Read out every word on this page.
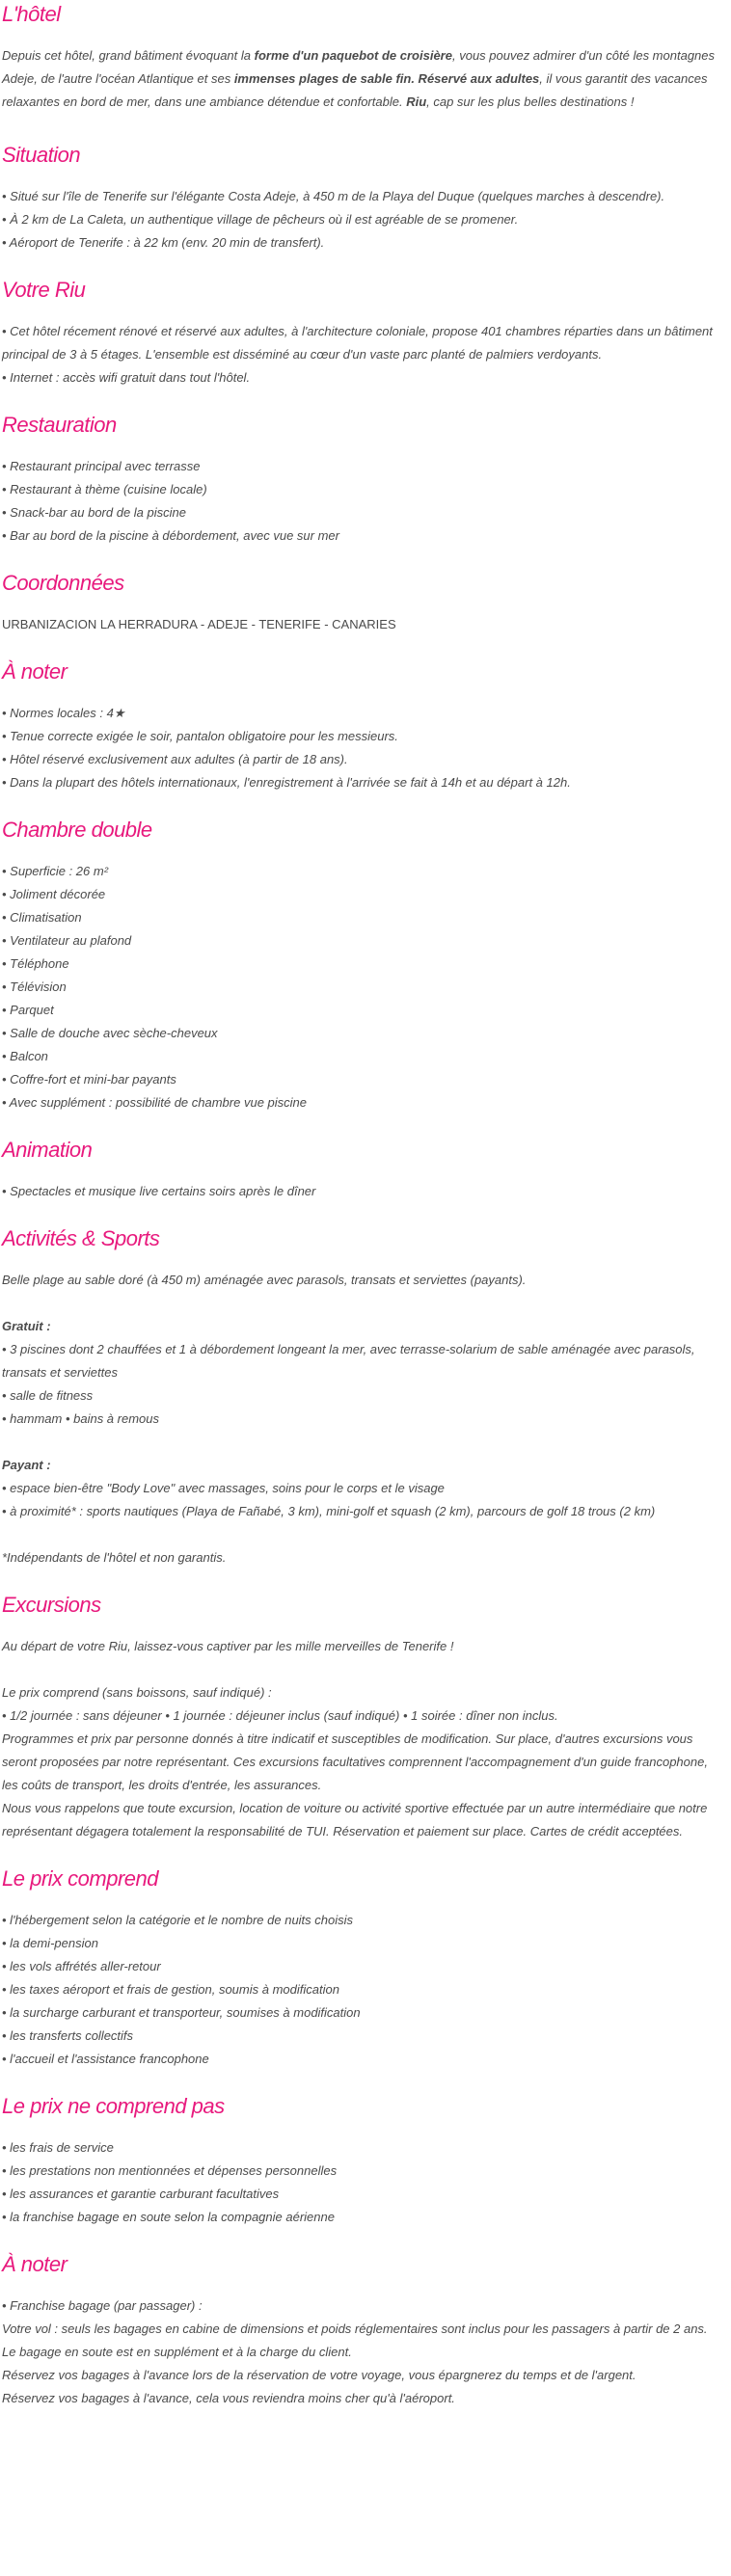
L'hôtel

Depuis cet hôtel, grand bâtiment évoquant la forme d'un paquebot de croisière, vous pouvez admirer d'un côté les montagnes Adeje, de l'autre l'océan Atlantique et ses immenses plages de sable fin. Réservé aux adultes, il vous garantit des vacances relaxantes en bord de mer, dans une ambiance détendue et confortable. Riu, cap sur les plus belles destinations !

Situation

• Situé sur l'île de Tenerife sur l'élégante Costa Adeje, à 450 m de la Playa del Duque (quelques marches à descendre).

• À 2 km de La Caleta, un authentique village de pêcheurs où il est agréable de se promener.

• Aéroport de Tenerife : à 22 km (env. 20 min de transfert).

Votre Riu

• Cet hôtel récement rénové et réservé aux adultes, à l'architecture coloniale, propose 401 chambres réparties dans un bâtiment principal de 3 à 5 étages. L'ensemble est disséminé au cœur d'un vaste parc planté de palmiers verdoyants.

• Internet : accès wifi gratuit dans tout l'hôtel.

Restauration

• Restaurant principal avec terrasse

• Restaurant à thème (cuisine locale)

• Snack-bar au bord de la piscine

• Bar au bord de la piscine à débordement, avec vue sur mer

Coordonnées

URBANIZACION LA HERRADURA - ADEJE - TENERIFE - CANARIES

À noter

• Normes locales : 4★

• Tenue correcte exigée le soir, pantalon obligatoire pour les messieurs.

• Hôtel réservé exclusivement aux adultes (à partir de 18 ans).

• Dans la plupart des hôtels internationaux, l'enregistrement à l'arrivée se fait à 14h et au départ à 12h.

Chambre double

• Superficie : 26 m²

• Joliment décorée

• Climatisation

• Ventilateur au plafond

• Téléphone

• Télévision

• Parquet

• Salle de douche avec sèche-cheveux

• Balcon

• Coffre-fort et mini-bar payants

• Avec supplément : possibilité de chambre vue piscine

Animation

• Spectacles et musique live certains soirs après le dîner

Activités & Sports

Belle plage au sable doré (à 450 m) aménagée avec parasols, transats et serviettes (payants).

Gratuit :

• 3 piscines dont 2 chauffées et 1 à débordement longeant la mer, avec terrasse-solarium de sable aménagée avec parasols, transats et serviettes

• salle de fitness

• hammam • bains à remous

Payant :

• espace bien-être "Body Love" avec massages, soins pour le corps et le visage

• à proximité* : sports nautiques (Playa de Fañabé, 3 km), mini-golf et squash (2 km), parcours de golf 18 trous (2 km)

*Indépendants de l'hôtel et non garantis.

Excursions

Au départ de votre Riu, laissez-vous captiver par les mille merveilles de Tenerife !

Le prix comprend (sans boissons, sauf indiqué) :

• 1/2 journée : sans déjeuner • 1 journée : déjeuner inclus (sauf indiqué) • 1 soirée : dîner non inclus.

Programmes et prix par personne donnés à titre indicatif et susceptibles de modification. Sur place, d'autres excursions vous seront proposées par notre représentant. Ces excursions facultatives comprennent l'accompagnement d'un guide francophone, les coûts de transport, les droits d'entrée, les assurances.

Nous vous rappelons que toute excursion, location de voiture ou activité sportive effectuée par un autre intermédiaire que notre représentant dégagera totalement la responsabilité de TUI. Réservation et paiement sur place. Cartes de crédit acceptées.

Le prix comprend

• l'hébergement selon la catégorie et le nombre de nuits choisis

• la demi-pension

• les vols affrétés aller-retour

• les taxes aéroport et frais de gestion, soumis à modification

• la surcharge carburant et transporteur, soumises à modification

• les transferts collectifs

• l'accueil et l'assistance francophone

Le prix ne comprend pas

• les frais de service

• les prestations non mentionnées et dépenses personnelles

• les assurances et garantie carburant facultatives

• la franchise bagage en soute selon la compagnie aérienne

À noter

• Franchise bagage (par passager) :

Votre vol : seuls les bagages en cabine de dimensions et poids réglementaires sont inclus pour les passagers à partir de 2 ans.

Le bagage en soute est en supplément et à la charge du client.

Réservez vos bagages à l'avance lors de la réservation de votre voyage, vous épargnerez du temps et de l'argent.

Réservez vos bagages à l'avance, cela vous reviendra moins cher qu'à l'aéroport.
